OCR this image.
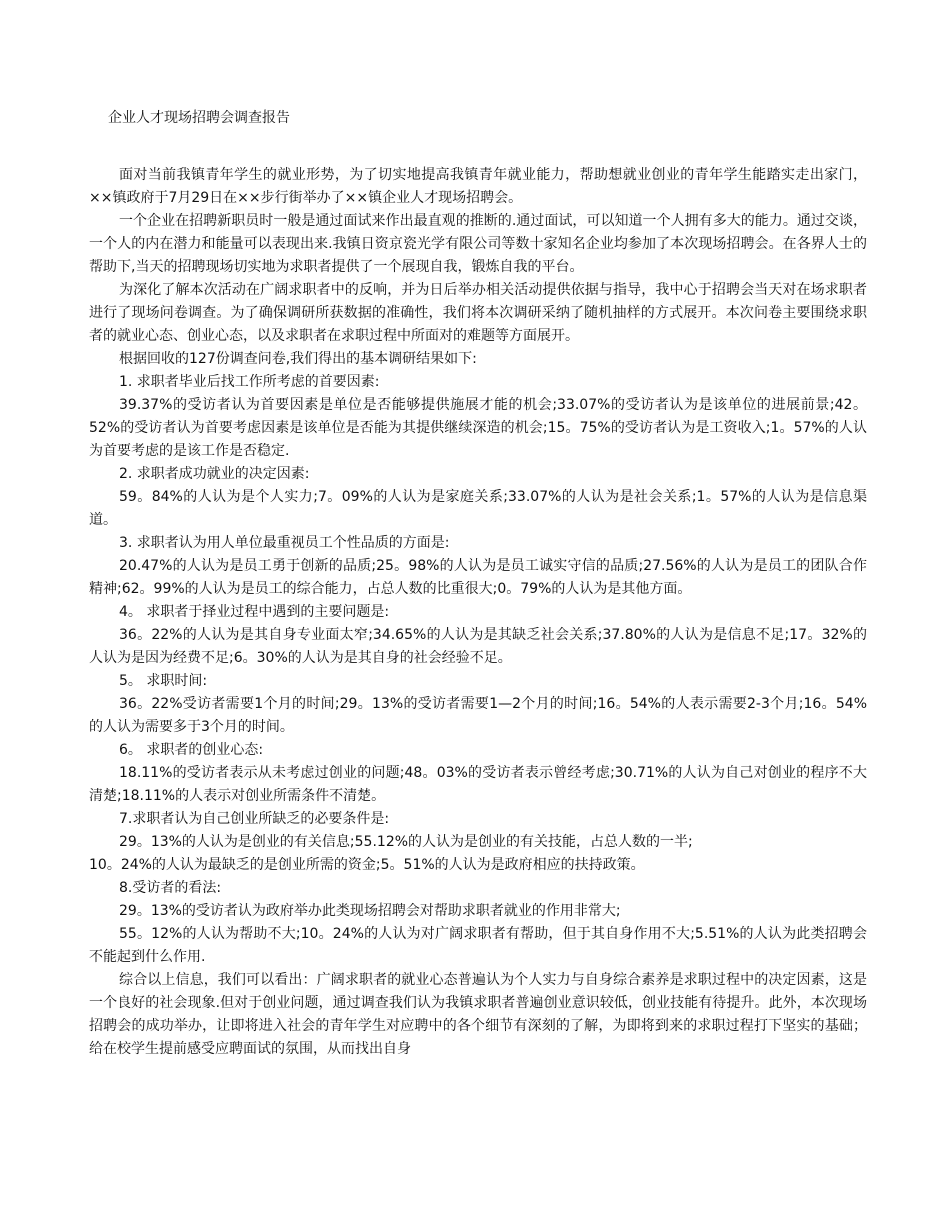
企业人才现场招聘会调查报告

面对当前我镇青年学生的就业形势，为了切实地提高我镇青年就业能力，帮助想就业创业的青年学生能踏实走出家门，××镇政府于7月29日在××步行街举办了××镇企业人才现场招聘会。

一个企业在招聘新职员时一般是通过面试来作出最直观的推断的.通过面试，可以知道一个人拥有多大的能力。通过交谈，一个人的内在潜力和能量可以表现出来.我镇日资京瓷光学有限公司等数十家知名企业均参加了本次现场招聘会。在各界人士的帮助下,当天的招聘现场切实地为求职者提供了一个展现自我，锻炼自我的平台。

为深化了解本次活动在广阔求职者中的反响，并为日后举办相关活动提供依据与指导，我中心于招聘会当天对在场求职者进行了现场问卷调查。为了确保调研所获数据的准确性，我们将本次调研采纳了随机抽样的方式展开。本次问卷主要围绕求职者的就业心态、创业心态，以及求职者在求职过程中所面对的难题等方面展开。

根据回收的127份调查问卷,我们得出的基本调研结果如下:

1. 求职者毕业后找工作所考虑的首要因素:

39.37%的受访者认为首要因素是单位是否能够提供施展才能的机会;33.07%的受访者认为是该单位的进展前景;42。52%的受访者认为首要考虑因素是该单位是否能为其提供继续深造的机会;15。75%的受访者认为是工资收入;1。57%的人认为首要考虑的是该工作是否稳定.

2. 求职者成功就业的决定因素:

59。84%的人认为是个人实力;7。09%的人认为是家庭关系;33.07%的人认为是社会关系;1。57%的人认为是信息渠道。

3. 求职者认为用人单位最重视员工个性品质的方面是:

20.47%的人认为是员工勇于创新的品质;25。98%的人认为是员工诚实守信的品质;27.56%的人认为是员工的团队合作精神;62。99%的人认为是员工的综合能力，占总人数的比重很大;0。79%的人认为是其他方面。

4。 求职者于择业过程中遇到的主要问题是:

36。22%的人认为是其自身专业面太窄;34.65%的人认为是其缺乏社会关系;37.80%的人认为是信息不足;17。32%的人认为是因为经费不足;6。30%的人认为是其自身的社会经验不足。

5。 求职时间:

36。22%受访者需要1个月的时间;29。13%的受访者需要1—2个月的时间;16。54%的人表示需要2-3个月;16。54%的人认为需要多于3个月的时间。

6。 求职者的创业心态:

18.11%的受访者表示从未考虑过创业的问题;48。03%的受访者表示曾经考虑;30.71%的人认为自己对创业的程序不大清楚;18.11%的人表示对创业所需条件不清楚。

7.求职者认为自己创业所缺乏的必要条件是:

29。13%的人认为是创业的有关信息;55.12%的人认为是创业的有关技能，占总人数的一半;

10。24%的人认为最缺乏的是创业所需的资金;5。51%的人认为是政府相应的扶持政策。

8.受访者的看法:

29。13%的受访者认为政府举办此类现场招聘会对帮助求职者就业的作用非常大;

55。12%的人认为帮助不大;10。24%的人认为对广阔求职者有帮助，但于其自身作用不大;5.51%的人认为此类招聘会不能起到什么作用.

综合以上信息，我们可以看出：广阔求职者的就业心态普遍认为个人实力与自身综合素养是求职过程中的决定因素，这是一个良好的社会现象.但对于创业问题，通过调查我们认为我镇求职者普遍创业意识较低，创业技能有待提升。此外，本次现场招聘会的成功举办，让即将进入社会的青年学生对应聘中的各个细节有深刻的了解，为即将到来的求职过程打下坚实的基础；给在校学生提前感受应聘面试的氛围，从而找出自身
